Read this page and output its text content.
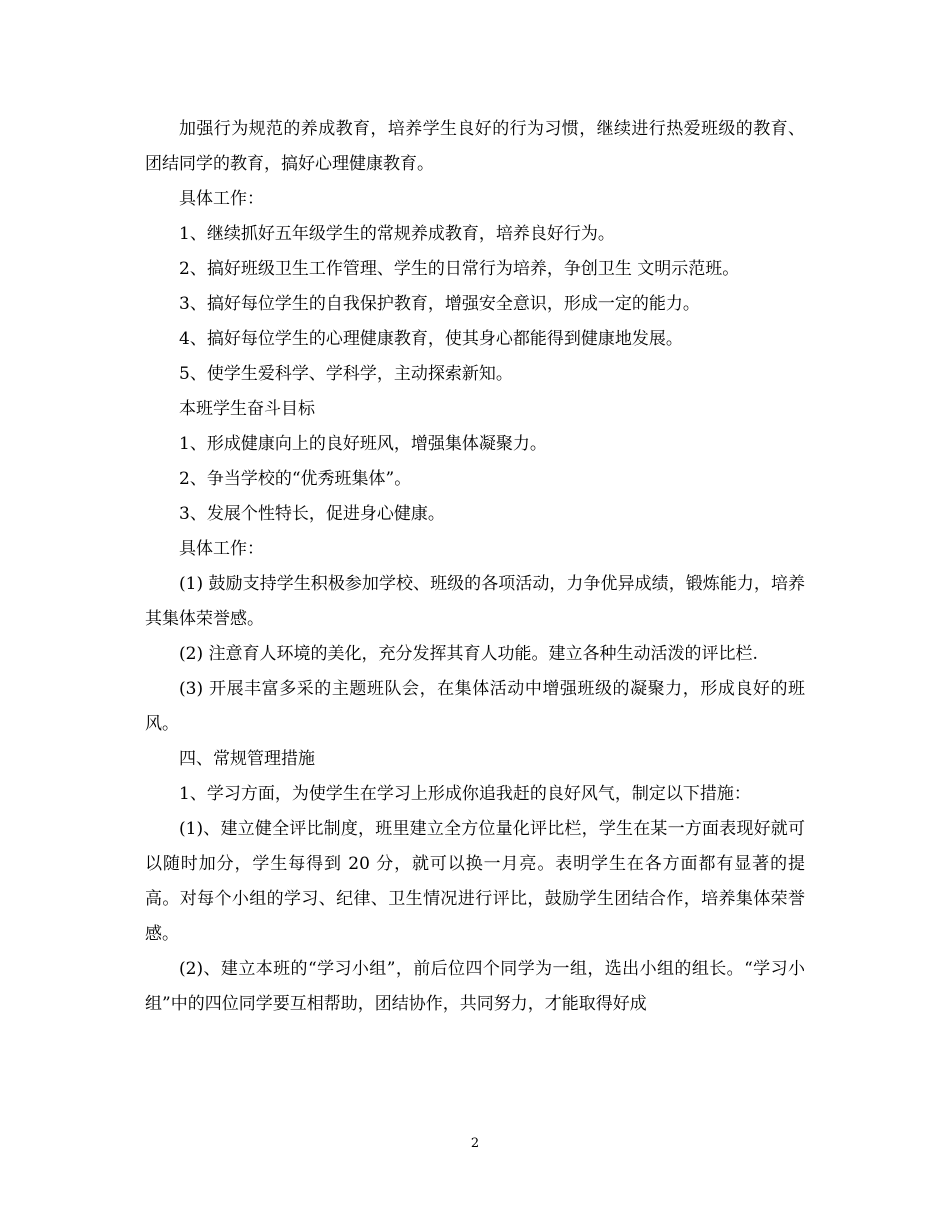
加强行为规范的养成教育，培养学生良好的行为习惯，继续进行热爱班级的教育、团结同学的教育，搞好心理健康教育。

具体工作：

1、继续抓好五年级学生的常规养成教育，培养良好行为。

2、搞好班级卫生工作管理、学生的日常行为培养，争创卫生 文明示范班。

3、搞好每位学生的自我保护教育，增强安全意识，形成一定的能力。

4、搞好每位学生的心理健康教育，使其身心都能得到健康地发展。

5、使学生爱科学、学科学，主动探索新知。

本班学生奋斗目标

1、形成健康向上的良好班风，增强集体凝聚力。

2、争当学校的“优秀班集体”。

3、发展个性特长，促进身心健康。

具体工作：

(1) 鼓励支持学生积极参加学校、班级的各项活动，力争优异成绩，锻炼能力，培养其集体荣誉感。

(2) 注意育人环境的美化，充分发挥其育人功能。建立各种生动活泼的评比栏.

(3) 开展丰富多采的主题班队会，在集体活动中增强班级的凝聚力，形成良好的班风。

四、常规管理措施

1、学习方面，为使学生在学习上形成你追我赶的良好风气，制定以下措施：

(1)、建立健全评比制度，班里建立全方位量化评比栏，学生在某一方面表现好就可以随时加分，学生每得到 20 分，就可以换一月亮。表明学生在各方面都有显著的提高。对每个小组的学习、纪律、卫生情况进行评比，鼓励学生团结合作，培养集体荣誉感。

(2)、建立本班的“学习小组”，前后位四个同学为一组，选出小组的组长。“学习小组”中的四位同学要互相帮助，团结协作，共同努力，才能取得好成

2
